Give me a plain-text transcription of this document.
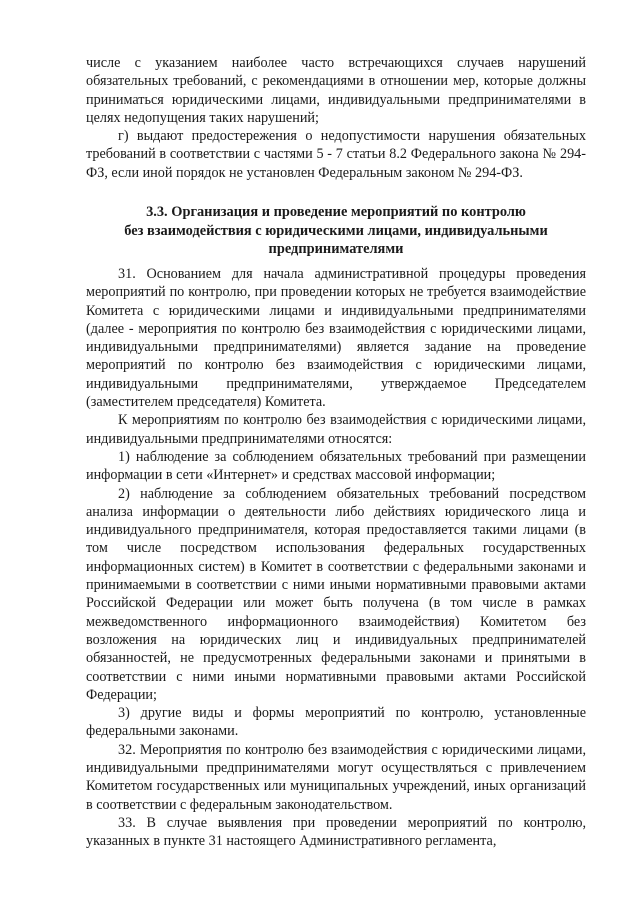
числе с указанием наиболее часто встречающихся случаев нарушений обязательных требований, с рекомендациями в отношении мер, которые должны приниматься юридическими лицами, индивидуальными предпринимателями в целях недопущения таких нарушений;

г) выдают предостережения о недопустимости нарушения обязательных требований в соответствии с частями 5 - 7 статьи 8.2 Федерального закона № 294-ФЗ, если иной порядок не установлен Федеральным законом № 294-ФЗ.

3.3. Организация и проведение мероприятий по контролю
без взаимодействия с юридическими лицами, индивидуальными
предпринимателями

31. Основанием для начала административной процедуры проведения мероприятий по контролю, при проведении которых не требуется взаимодействие Комитета с юридическими лицами и индивидуальными предпринимателями (далее - мероприятия по контролю без взаимодействия с юридическими лицами, индивидуальными предпринимателями) является задание на проведение мероприятий по контролю без взаимодействия с юридическими лицами, индивидуальными предпринимателями, утверждаемое Председателем (заместителем председателя) Комитета.

К мероприятиям по контролю без взаимодействия с юридическими лицами, индивидуальными предпринимателями относятся:

1) наблюдение за соблюдением обязательных требований при размещении информации в сети «Интернет» и средствах массовой информации;

2) наблюдение за соблюдением обязательных требований посредством анализа информации о деятельности либо действиях юридического лица и индивидуального предпринимателя, которая предоставляется такими лицами (в том числе посредством использования федеральных государственных информационных систем) в Комитет в соответствии с федеральными законами и принимаемыми в соответствии с ними иными нормативными правовыми актами Российской Федерации или может быть получена (в том числе в рамках межведомственного информационного взаимодействия) Комитетом без возложения на юридических лиц и индивидуальных предпринимателей обязанностей, не предусмотренных федеральными законами и принятыми в соответствии с ними иными нормативными правовыми актами Российской Федерации;

3) другие виды и формы мероприятий по контролю, установленные федеральными законами.

32. Мероприятия по контролю без взаимодействия с юридическими лицами, индивидуальными предпринимателями могут осуществляться с привлечением Комитетом государственных или муниципальных учреждений, иных организаций в соответствии с федеральным законодательством.

33. В случае выявления при проведении мероприятий по контролю, указанных в пункте 31 настоящего Административного регламента,
